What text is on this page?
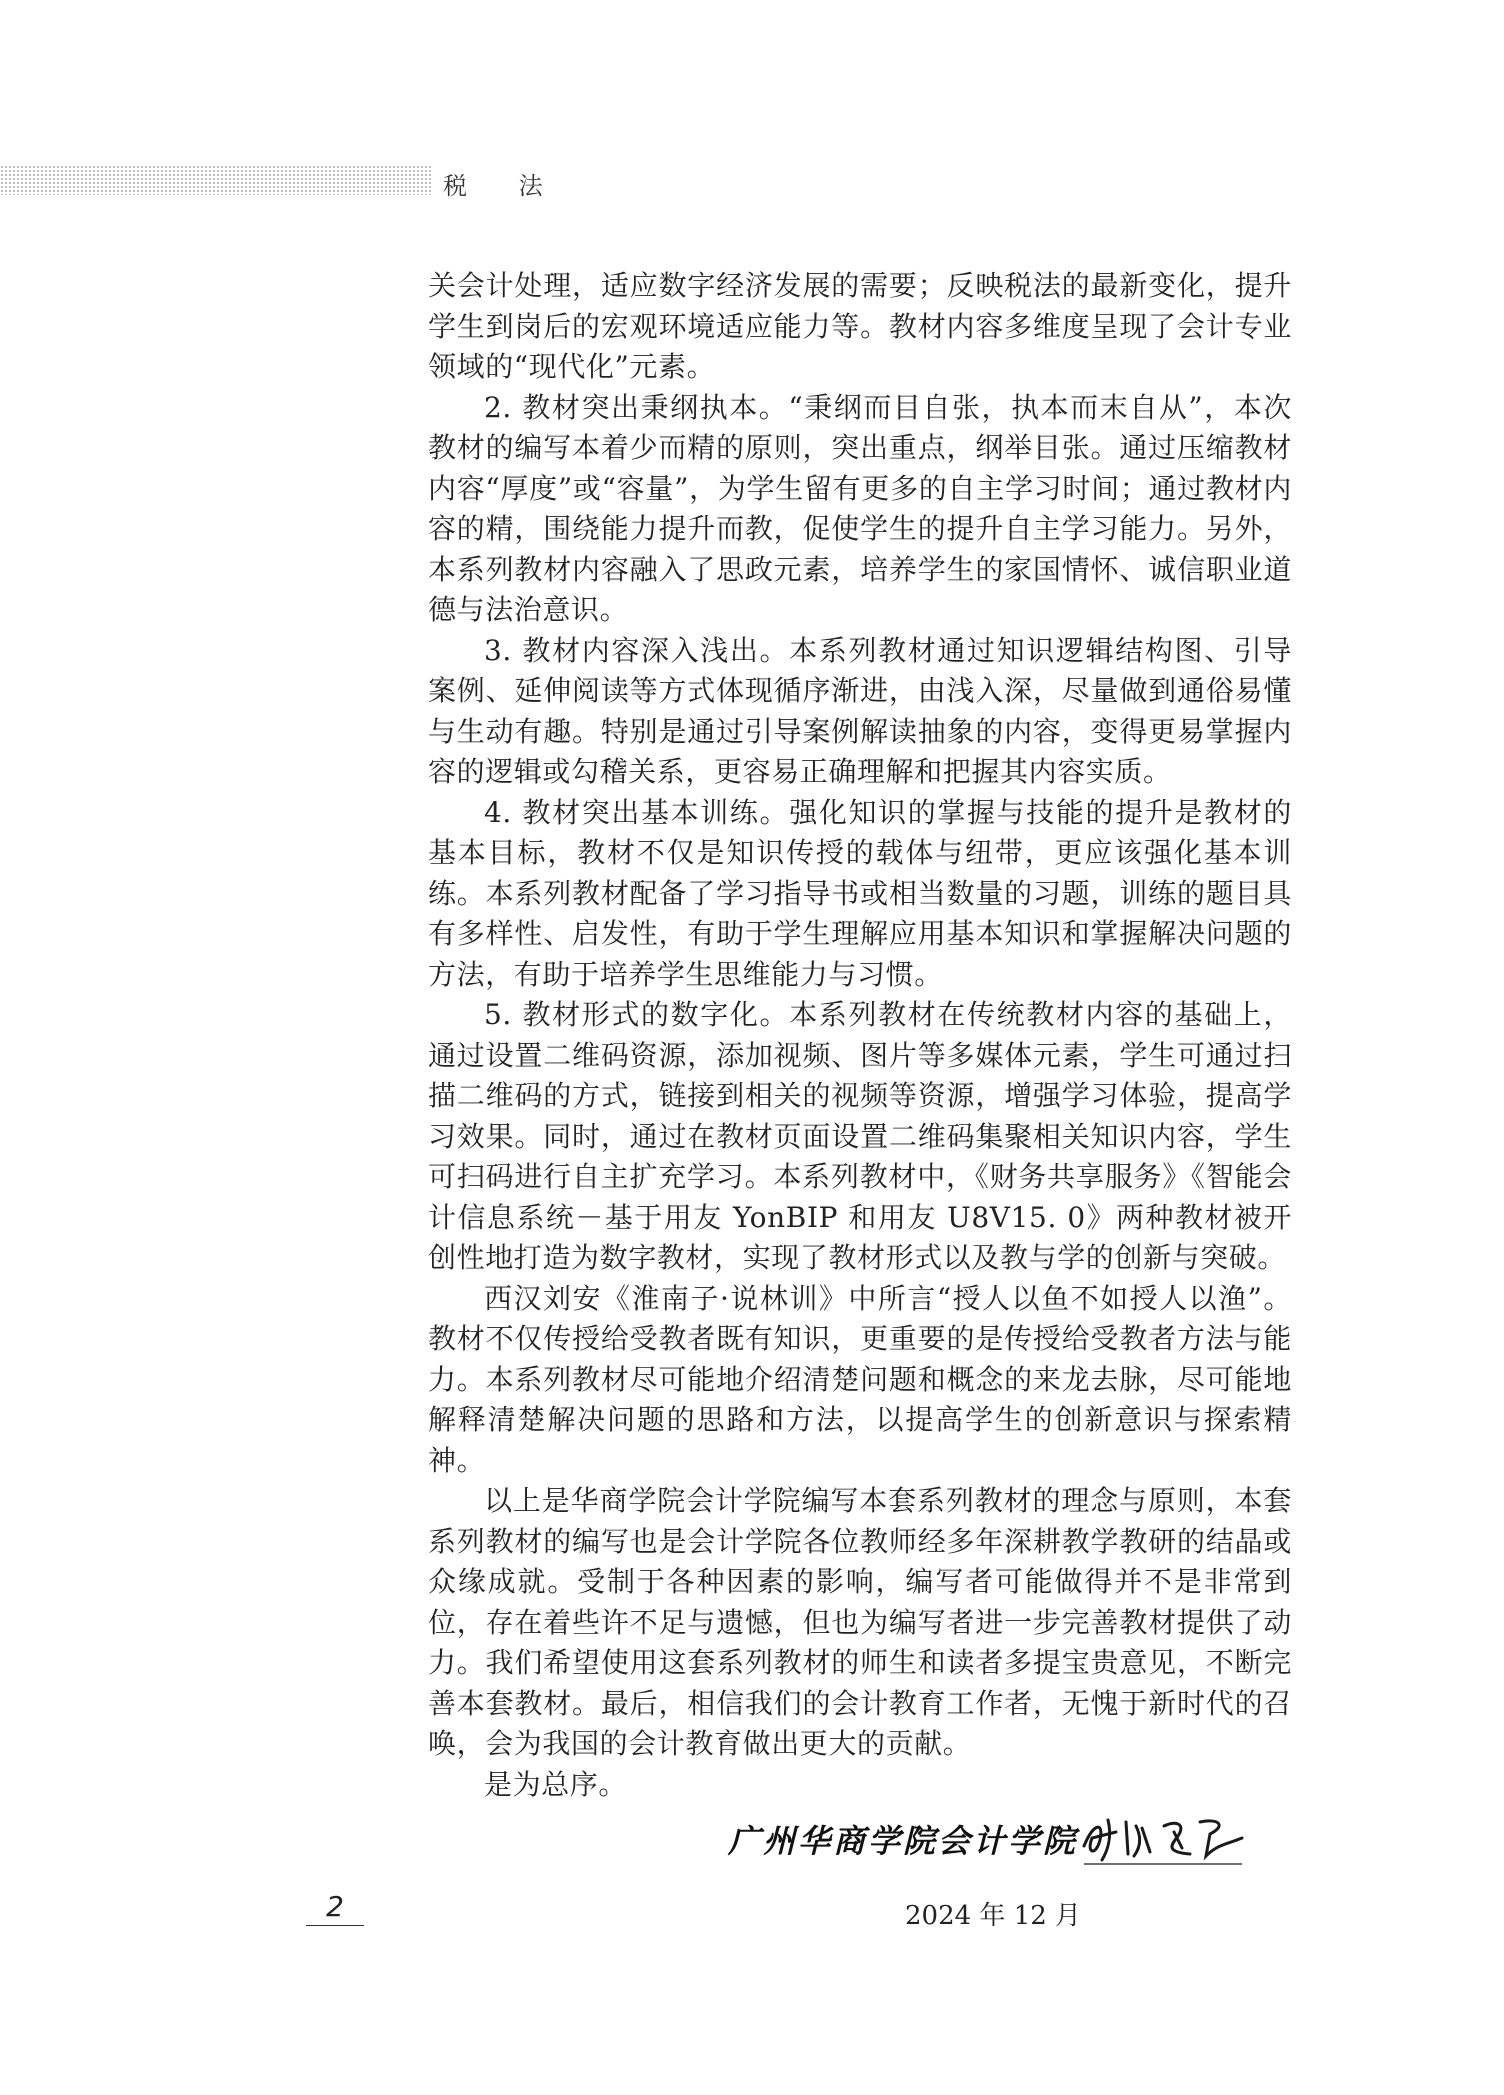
税 法

关会计处理，适应数字经济发展的需要；反映税法的最新变化，提升学生到岗后的宏观环境适应能力等。教材内容多维度呈现了会计专业领域的“现代化”元素。

2. 教材突出秉纲执本。“秉纲而目自张，执本而末自从”，本次教材的编写本着少而精的原则，突出重点，纲举目张。通过压缩教材内容“厚度”或“容量”，为学生留有更多的自主学习时间；通过教材内容的精，围绕能力提升而教，促使学生的提升自主学习能力。另外，本系列教材内容融入了思政元素，培养学生的家国情怀、诚信职业道德与法治意识。

3. 教材内容深入浅出。本系列教材通过知识逻辑结构图、引导案例、延伸阅读等方式体现循序渐进，由浅入深，尽量做到通俗易懂与生动有趣。特别是通过引导案例解读抽象的内容，变得更易掌握内容的逻辑或勾稽关系，更容易正确理解和把握其内容实质。

4. 教材突出基本训练。强化知识的掌握与技能的提升是教材的基本目标，教材不仅是知识传授的载体与纽带，更应该强化基本训练。本系列教材配备了学习指导书或相当数量的习题，训练的题目具有多样性、启发性，有助于学生理解应用基本知识和掌握解决问题的方法，有助于培养学生思维能力与习惯。

5. 教材形式的数字化。本系列教材在传统教材内容的基础上，通过设置二维码资源，添加视频、图片等多媒体元素，学生可通过扫描二维码的方式，链接到相关的视频等资源，增强学习体验，提高学习效果。同时，通过在教材页面设置二维码集聚相关知识内容，学生可扫码进行自主扩充学习。本系列教材中，《财务共享服务》《智能会计信息系统－基于用友 YonBIP 和用友 U8V15. 0》两种教材被开创性地打造为数字教材，实现了教材形式以及教与学的创新与突破。

西汉刘安《淮南子·说林训》中所言“授人以鱼不如授人以渔”。教材不仅传授给受教者既有知识，更重要的是传授给受教者方法与能力。本系列教材尽可能地介绍清楚问题和概念的来龙去脉，尽可能地解释清楚解决问题的思路和方法，以提高学生的创新意识与探索精神。

以上是华商学院会计学院编写本套系列教材的理念与原则，本套系列教材的编写也是会计学院各位教师经多年深耕教学教研的结晶或众缘成就。受制于各种因素的影响，编写者可能做得并不是非常到位，存在着些许不足与遗憾，但也为编写者进一步完善教材提供了动力。我们希望使用这套系列教材的师生和读者多提宝贵意见，不断完善本套教材。最后，相信我们的会计教育工作者，无愧于新时代的召唤，会为我国的会计教育做出更大的贡献。

是为总序。

广州华商学院会计学院
2024 年 12 月
2
